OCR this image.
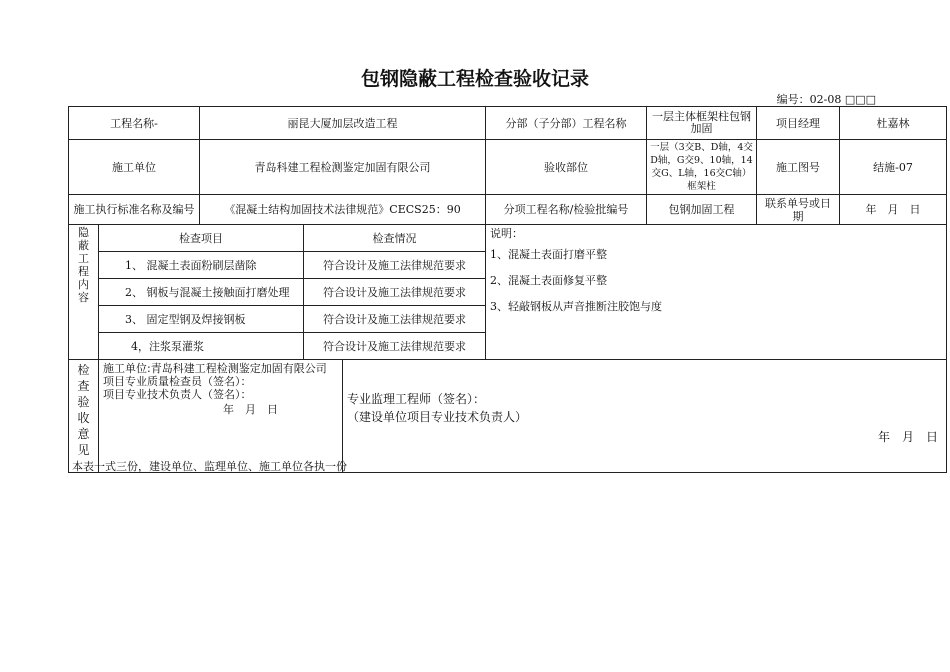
包钢隐蔽工程检查验收记录
编号：02-08 □□□
工程名称-	丽昆大厦加层改造工程	分部（子分部）工程名称	一层主体框架柱包钢加固	项目经理	杜嘉林
施工单位	青岛科建工程检测鉴定加固有限公司	验收部位	一层（3交B、D轴，4交D轴，G交9、10轴，14交G、L轴，16交C轴）框架柱	施工图号	结施-07
施工执行标准名称及编号	《混凝土结构加固技术法律规范》CECS25：90	分项工程名称/检验批编号	包钢加固工程	联系单号或日期	年　月　日

隐
蔽
工
程
内
容

检查项目	检查情况
1、 混凝土表面粉刷层凿除	符合设计及施工法律规范要求
2、 钢板与混凝土接触面打磨处理	符合设计及施工法律规范要求
3、 固定型钢及焊接钢板	符合设计及施工法律规范要求
4，注浆泵灌浆	符合设计及施工法律规范要求

说明：
1、混凝土表面打磨平整
2、混凝土表面修复平整
3、轻敲钢板从声音推断注胶饱与度

检
查
验
收
意
见

施工单位:青岛科建工程检测鉴定加固有限公司
项目专业质量检查员（签名）：
项目专业技术负责人（签名）：
年　月　日

专业监理工程师（签名）：
（建设单位项目专业技术负责人）
年　月　日
本表一式三份，建设单位、监理单位、施工单位各执一份
